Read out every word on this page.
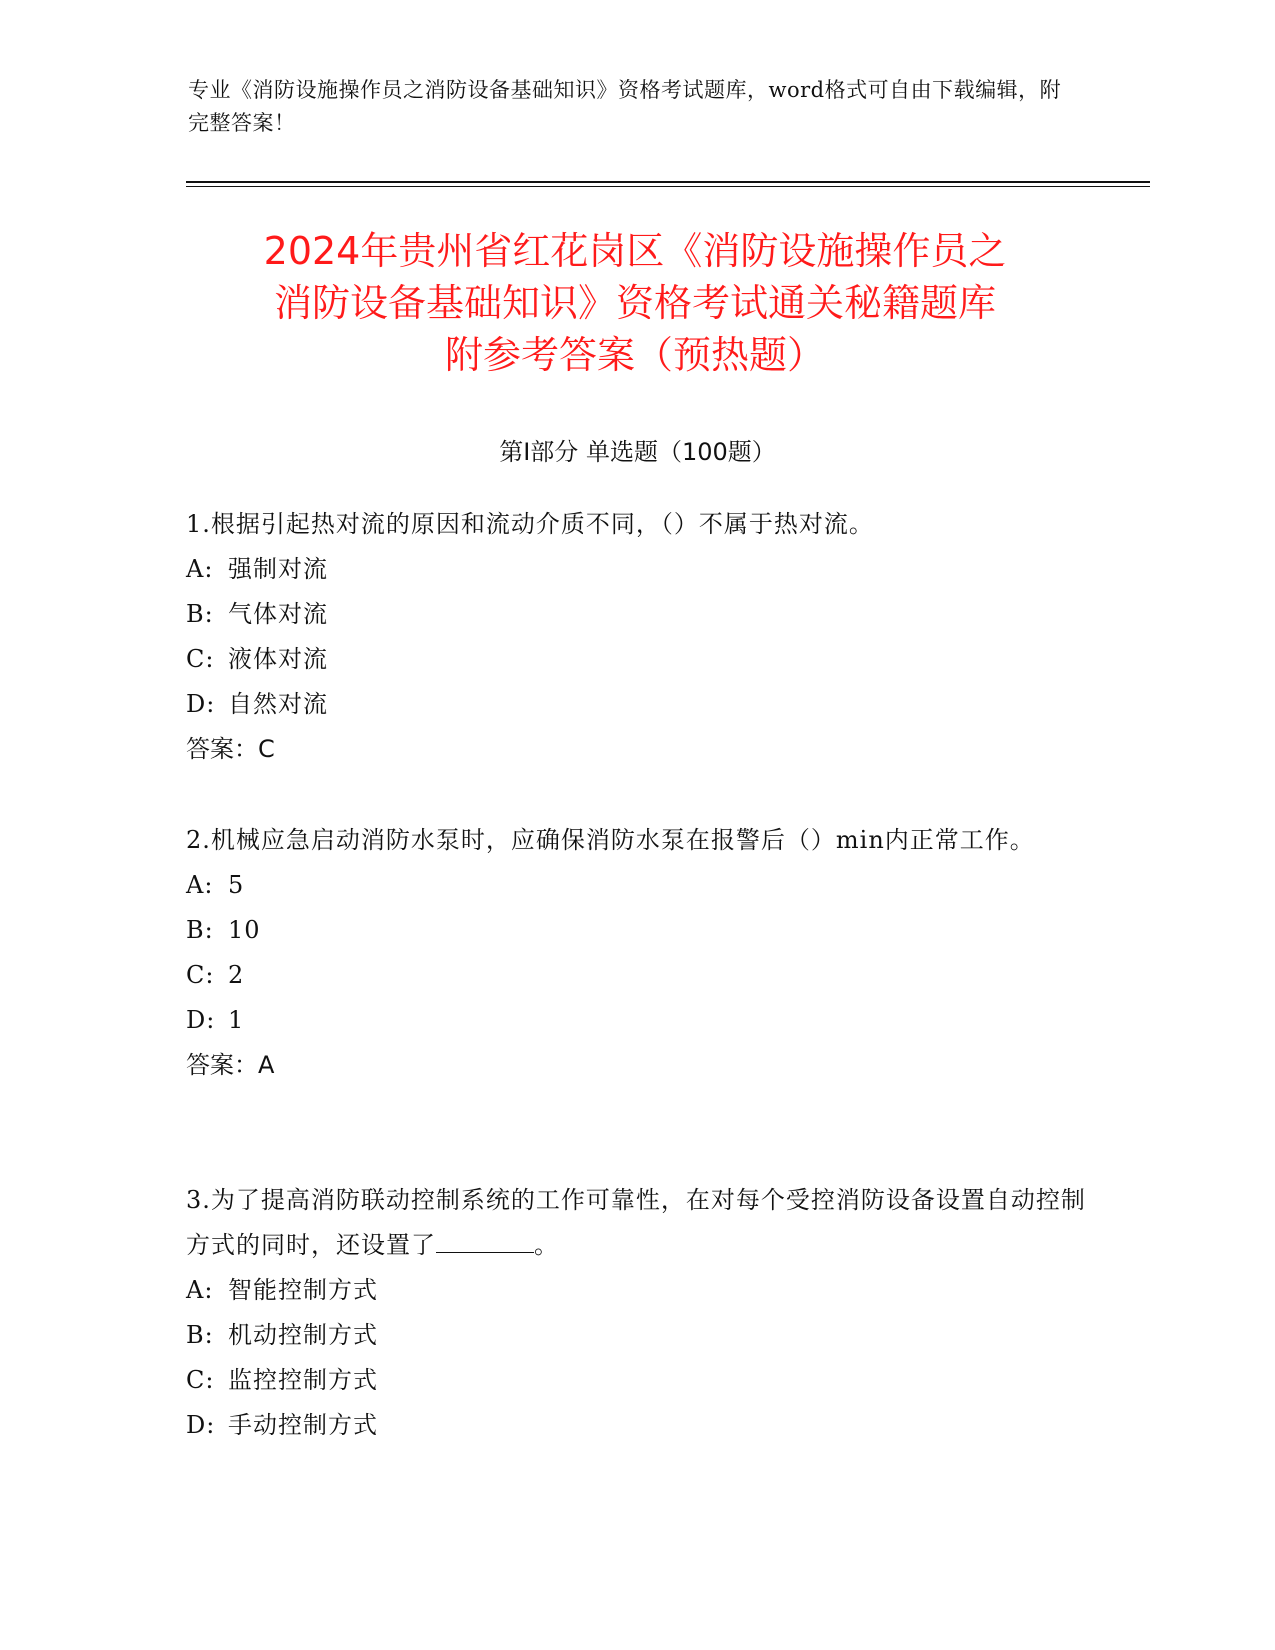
专业《消防设施操作员之消防设备基础知识》资格考试题库，word格式可自由下载编辑，附完整答案！
2024年贵州省红花岗区《消防设施操作员之
消防设备基础知识》资格考试通关秘籍题库
附参考答案（预热题）
第Ⅰ部分 单选题（100题）
1.根据引起热对流的原因和流动介质不同，（）不属于热对流。
A: 强制对流
B: 气体对流
C: 液体对流
D: 自然对流
答案：C
2.机械应急启动消防水泵时，应确保消防水泵在报警后（）min内正常工作。
A: 5
B: 10
C: 2
D: 1
答案：A
3.为了提高消防联动控制系统的工作可靠性，在对每个受控消防设备设置自动控制方式的同时，还设置了	。
A: 智能控制方式
B: 机动控制方式
C: 监控控制方式
D: 手动控制方式
